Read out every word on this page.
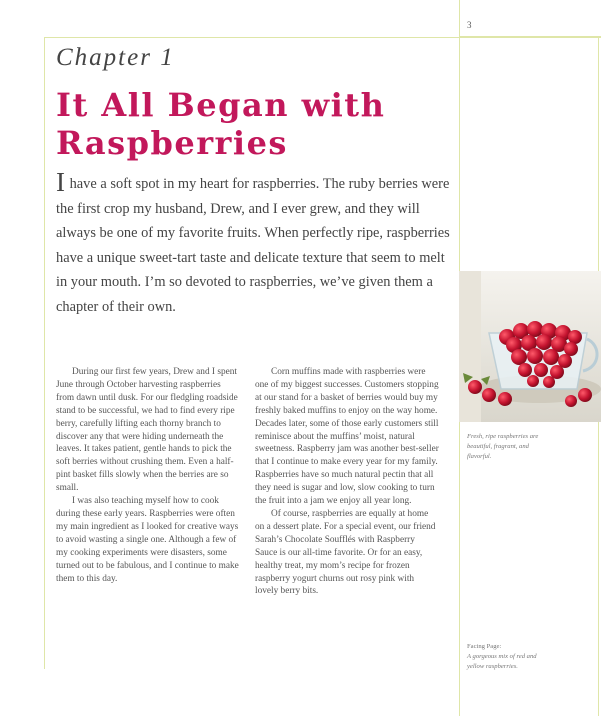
3
Chapter 1
It All Began with Raspberries

I have a soft spot in my heart for raspberries. The ruby berries were the first crop my husband, Drew, and I ever grew, and they will always be one of my favorite fruits. When perfectly ripe, raspberries have a unique sweet-tart taste and delicate texture that seem to melt in your mouth. I’m so devoted to raspberries, we’ve given them a chapter of their own.

During our first few years, Drew and I spent June through October harvesting raspberries from dawn until dusk. For our fledgling roadside stand to be successful, we had to find every ripe berry, carefully lifting each thorny branch to discover any that were hiding underneath the leaves. It takes patient, gentle hands to pick the soft berries without crushing them. Even a half-pint basket fills slowly when the berries are so small.

I was also teaching myself how to cook during these early years. Raspberries were often my main ingredient as I looked for creative ways to avoid wasting a single one. Although a few of my cooking experiments were disasters, some turned out to be fabulous, and I continue to make them to this day.

Corn muffins made with raspberries were one of my biggest successes. Customers stopping at our stand for a basket of berries would buy my freshly baked muffins to enjoy on the way home. Decades later, some of those early customers still reminisce about the muffins’ moist, natural sweetness. Raspberry jam was another best-seller that I continue to make every year for my family. Raspberries have so much natural pectin that all they need is sugar and low, slow cooking to turn the fruit into a jam we enjoy all year long.

Of course, raspberries are equally at home on a dessert plate. For a special event, our friend Sarah’s Chocolate Soufflés with Raspberry Sauce is our all-time favorite. Or for an easy, healthy treat, my mom’s recipe for frozen raspberry yogurt churns out rosy pink with lovely berry bits.

Fresh, ripe raspberries are beautiful, fragrant, and flavorful.
Facing Page:
A gorgeous mix of red and yellow raspberries.
